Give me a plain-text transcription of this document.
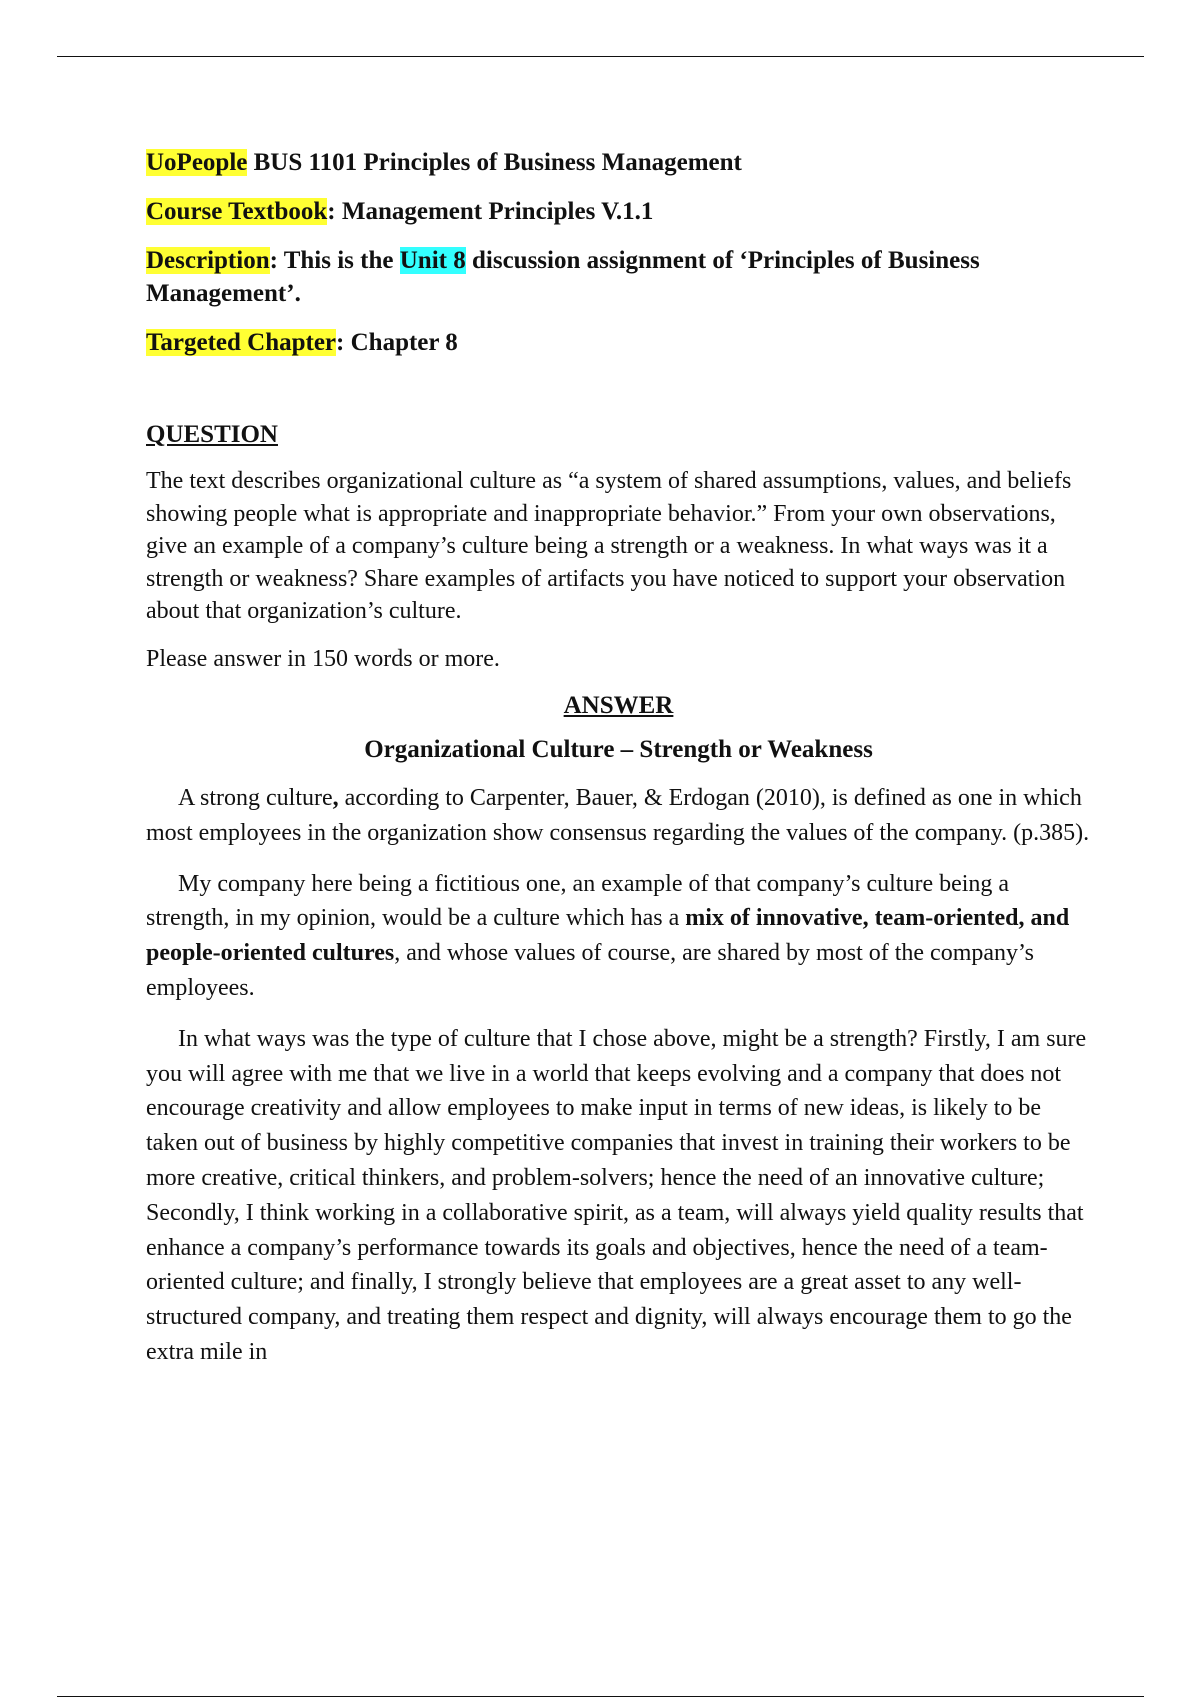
UoPeople BUS 1101 Principles of Business Management

Course Textbook: Management Principles V.1.1

Description: This is the Unit 8 discussion assignment of ‘Principles of Business Management’.

Targeted Chapter: Chapter 8

QUESTION

The text describes organizational culture as “a system of shared assumptions, values, and beliefs showing people what is appropriate and inappropriate behavior.” From your own observations, give an example of a company’s culture being a strength or a weakness. In what ways was it a strength or weakness? Share examples of artifacts you have noticed to support your observation about that organization’s culture.

Please answer in 150 words or more.

ANSWER
Organizational Culture – Strength or Weakness

A strong culture, according to Carpenter, Bauer, & Erdogan (2010), is defined as one in which most employees in the organization show consensus regarding the values of the company. (p.385).

My company here being a fictitious one, an example of that company’s culture being a strength, in my opinion, would be a culture which has a mix of innovative, team-oriented, and people-oriented cultures, and whose values of course, are shared by most of the company’s employees.

In what ways was the type of culture that I chose above, might be a strength? Firstly, I am sure you will agree with me that we live in a world that keeps evolving and a company that does not encourage creativity and allow employees to make input in terms of new ideas, is likely to be taken out of business by highly competitive companies that invest in training their workers to be more creative, critical thinkers, and problem-solvers; hence the need of an innovative culture; Secondly, I think working in a collaborative spirit, as a team, will always yield quality results that enhance a company’s performance towards its goals and objectives, hence the need of a team-oriented culture; and finally, I strongly believe that employees are a great asset to any well-structured company, and treating them respect and dignity, will always encourage them to go the extra mile in
